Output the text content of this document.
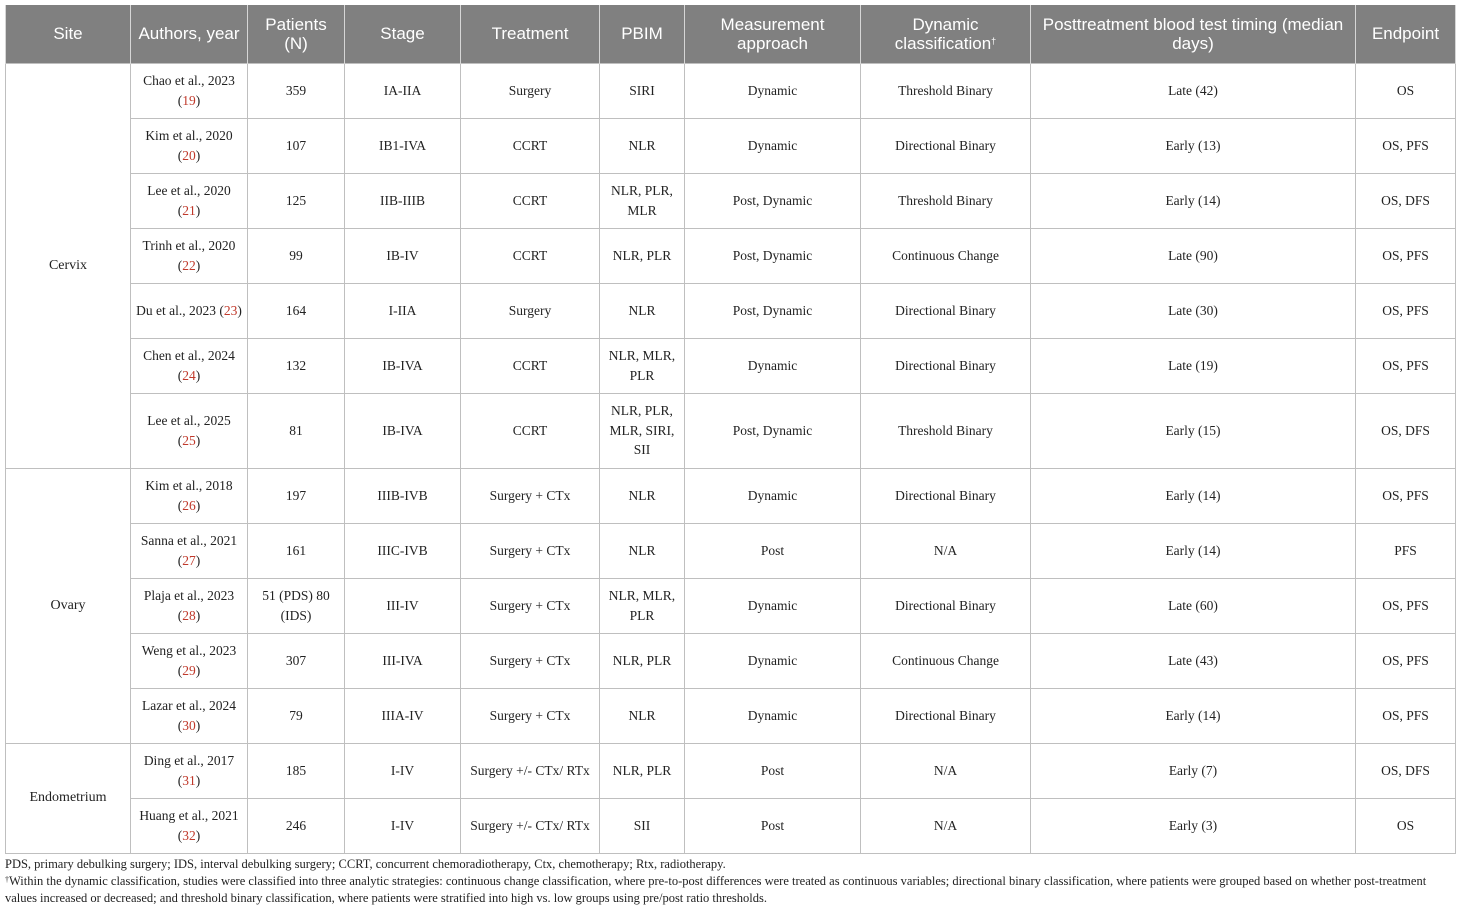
Site	Authors, year	Patients (N)	Stage	Treatment	PBIM	Measurement approach	Dynamic classification†	Posttreatment blood test timing (median days)	Endpoint
Cervix	Chao et al., 2023 (19)	359	IA-IIA	Surgery	SIRI	Dynamic	Threshold Binary	Late (42)	OS
	Kim et al., 2020 (20)	107	IB1-IVA	CCRT	NLR	Dynamic	Directional Binary	Early (13)	OS, PFS
	Lee et al., 2020 (21)	125	IIB-IIIB	CCRT	NLR, PLR, MLR	Post, Dynamic	Threshold Binary	Early (14)	OS, DFS
	Trinh et al., 2020 (22)	99	IB-IV	CCRT	NLR, PLR	Post, Dynamic	Continuous Change	Late (90)	OS, PFS
	Du et al., 2023 (23)	164	I-IIA	Surgery	NLR	Post, Dynamic	Directional Binary	Late (30)	OS, PFS
	Chen et al., 2024 (24)	132	IB-IVA	CCRT	NLR, MLR, PLR	Dynamic	Directional Binary	Late (19)	OS, PFS
	Lee et al., 2025 (25)	81	IB-IVA	CCRT	NLR, PLR, MLR, SIRI, SII	Post, Dynamic	Threshold Binary	Early (15)	OS, DFS
Ovary	Kim et al., 2018 (26)	197	IIIB-IVB	Surgery + CTx	NLR	Dynamic	Directional Binary	Early (14)	OS, PFS
	Sanna et al., 2021 (27)	161	IIIC-IVB	Surgery + CTx	NLR	Post	N/A	Early (14)	PFS
	Plaja et al., 2023 (28)	51 (PDS) 80 (IDS)	III-IV	Surgery + CTx	NLR, MLR, PLR	Dynamic	Directional Binary	Late (60)	OS, PFS
	Weng et al., 2023 (29)	307	III-IVA	Surgery + CTx	NLR, PLR	Dynamic	Continuous Change	Late (43)	OS, PFS
	Lazar et al., 2024 (30)	79	IIIA-IV	Surgery + CTx	NLR	Dynamic	Directional Binary	Early (14)	OS, PFS
Endometrium	Ding et al., 2017 (31)	185	I-IV	Surgery +/- CTx/ RTx	NLR, PLR	Post	N/A	Early (7)	OS, DFS
	Huang et al., 2021 (32)	246	I-IV	Surgery +/- CTx/ RTx	SII	Post	N/A	Early (3)	OS

PDS, primary debulking surgery; IDS, interval debulking surgery; CCRT, concurrent chemoradiotherapy, Ctx, chemotherapy; Rtx, radiotherapy.

†Within the dynamic classification, studies were classified into three analytic strategies: continuous change classification, where pre-to-post differences were treated as continuous variables; directional binary classification, where patients were grouped based on whether post-treatment values increased or decreased; and threshold binary classification, where patients were stratified into high vs. low groups using pre/post ratio thresholds.
